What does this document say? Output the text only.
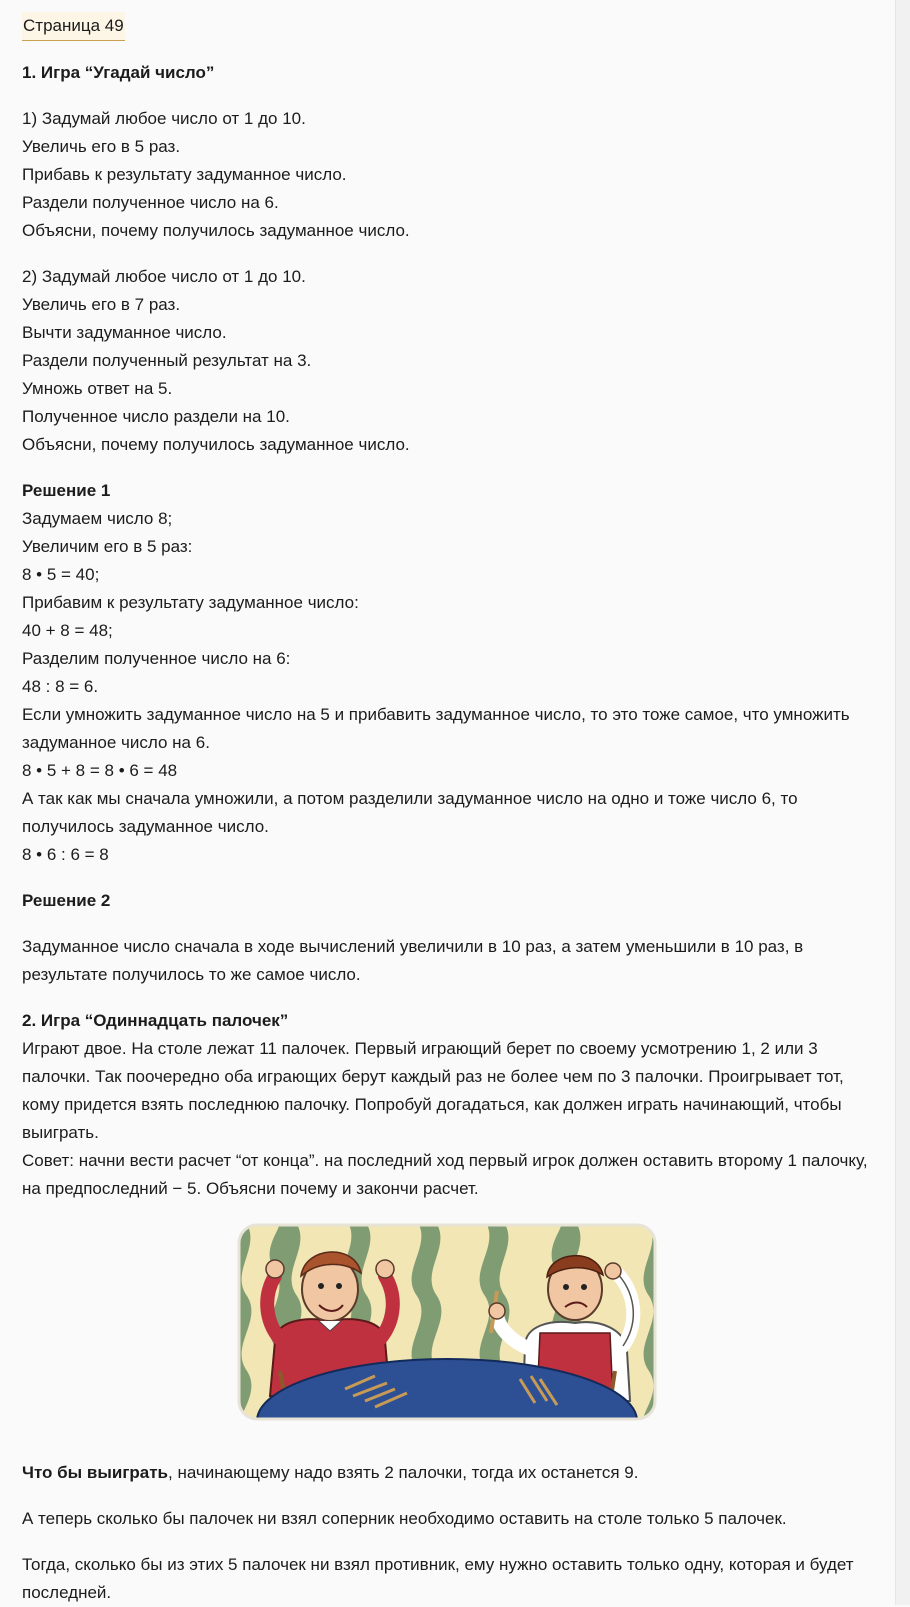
Страница 49
1. Игра “Угадай число”

1) Задумай любое число от 1 до 10.

Увеличь его в 5 раз.

Прибавь к результату задуманное число.

Раздели полученное число на 6.

Объясни, почему получилось задуманное число.

2) Задумай любое число от 1 до 10.

Увеличь его в 7 раз.

Вычти задуманное число.

Раздели полученный результат на 3.

Умножь ответ на 5.

Полученное число раздели на 10.

Объясни, почему получилось задуманное число.

Решение 1

Задумаем число 8;

Увеличим его в 5 раз:

8 • 5 = 40;

Прибавим к результату задуманное число:

40 + 8 = 48;

Разделим полученное число на 6:

48 : 8 = 6.

Если умножить задуманное число на 5 и прибавить задуманное число, то это тоже самое, что умножить задуманное число на 6.

8 • 5 + 8 = 8 • 6 = 48

А так как мы сначала умножили, а потом разделили задуманное число на одно и тоже число 6, то получилось задуманное число.

8 • 6 : 6 = 8

Решение 2

Задуманное число сначала в ходе вычислений увеличили в 10 раз, а затем уменьшили в 10 раз, в результате получилось то же самое число.

2. Игра “Одиннадцать палочек”

Играют двое. На столе лежат 11 палочек. Первый играющий берет по своему усмотрению 1, 2 или 3 палочки. Так поочередно оба играющих берут каждый раз не более чем по 3 палочки. Проигрывает тот, кому придется взять последнюю палочку. Попробуй догадаться, как должен играть начинающий, чтобы выиграть.

Совет: начни вести расчет “от конца”. на последний ход первый игрок должен оставить второму 1 палочку, на предпоследний − 5. Объясни почему и закончи расчет.

Что бы выиграть, начинающему надо взять 2 палочки, тогда их останется 9.

А теперь сколько бы палочек ни взял соперник необходимо оставить на столе только 5 палочек.

Тогда, сколько бы из этих 5 палочек ни взял противник, ему нужно оставить только одну, которая и будет последней.
